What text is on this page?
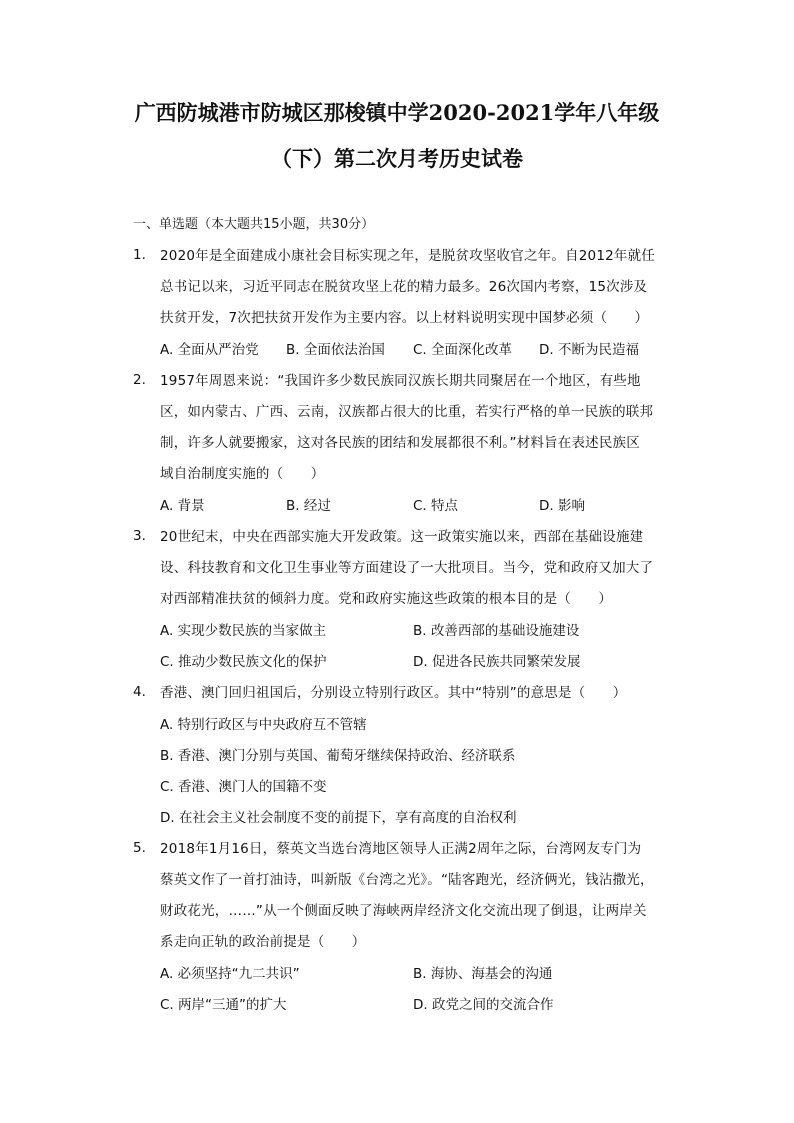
广西防城港市防城区那梭镇中学2020-2021学年八年级
（下）第二次月考历史试卷
一、单选题（本大题共15小题，共30分）
1. 2020年是全面建成小康社会目标实现之年，是脱贫攻坚收官之年。自2012年就任
总书记以来，习近平同志在脱贫攻坚上花的精力最多。26次国内考察，15次涉及
扶贫开发，7次把扶贫开发作为主要内容。以上材料说明实现中国梦必须（　　）
A. 全面从严治党 B. 全面依法治国 C. 全面深化改革 D. 不断为民造福
2. 1957年周恩来说：“我国许多少数民族同汉族长期共同聚居在一个地区，有些地
区，如内蒙古、广西、云南，汉族都占很大的比重，若实行严格的单一民族的联邦
制，许多人就要搬家，这对各民族的团结和发展都很不利。”材料旨在表述民族区
域自治制度实施的（　　）
A. 背景	B. 经过	C. 特点	D. 影响
3. 20世纪末，中央在西部实施大开发政策。这一政策实施以来，西部在基础设施建
设、科技教育和文化卫生事业等方面建设了一大批项目。当今，党和政府又加大了
对西部精准扶贫的倾斜力度。党和政府实施这些政策的根本目的是（　　）
A. 实现少数民族的当家做主	B. 改善西部的基础设施建设
C. 推动少数民族文化的保护	D. 促进各民族共同繁荣发展
4. 香港、澳门回归祖国后，分别设立特别行政区。其中“特别”的意思是（　　）
A. 特别行政区与中央政府互不管辖
B. 香港、澳门分别与英国、葡萄牙继续保持政治、经济联系
C. 香港、澳门人的国籍不变
D. 在社会主义社会制度不变的前提下，享有高度的自治权利
5. 2018年1月16日，蔡英文当选台湾地区领导人正满2周年之际，台湾网友专门为
蔡英文作了一首打油诗，叫新版《台湾之光》。“陆客跑光，经济俩光，钱沾撒光，
财政花光，……”从一个侧面反映了海峡两岸经济文化交流出现了倒退，让两岸关
系走向正轨的政治前提是（　　）
A. 必须坚持“九二共识”	B. 海协、海基会的沟通
C. 两岸“三通”的扩大	D. 政党之间的交流合作
